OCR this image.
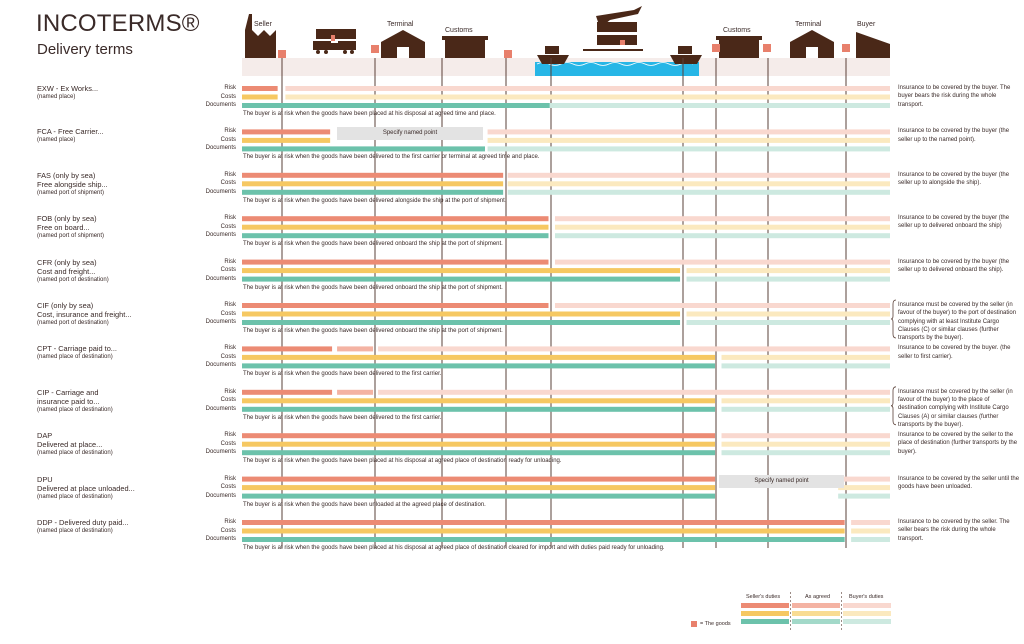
INCOTERMS®
Delivery terms
Seller	Terminal
Customs	Customs
Terminal	Buyer
EXW - Ex Works...
(named place)
Risk
Costs
Documents
The buyer is at risk when the goods have been placed at his disposal at agreed time and place.
Insurance to be covered by the buyer. The buyer bears the risk during the whole transport.
FCA - Free Carrier...
(named place)
Risk
Costs
Documents
Specify named point
The buyer is at risk when the goods have been delivered to the first carrier or terminal at agreed time and place.
Insurance to be covered by the buyer (the seller up to the named point).
FAS (only by sea)
Free alongside ship...
(named port of shipment)
Risk
Costs
Documents
The buyer is at risk when the goods have been delivered alongside the ship at the port of shipment.
Insurance to be covered by the buyer (the seller up to alongside the ship).
FOB (only by sea)
Free on board...
(named port of shipment)
Risk
Costs
Documents
The buyer is at risk when the goods have been delivered onboard the ship at the port of shipment.
Insurance to be covered by the buyer (the seller up to delivered onboard the ship)
CFR (only by sea)
Cost and freight...
(named port of destination)
Risk
Costs
Documents
The buyer is at risk when the goods have been delivered onboard the ship at the port of shipment.
Insurance to be covered by the buyer (the seller up to delivered onboard the ship).
CIF (only by sea)
Cost, insurance and freight...
(named port of destination)
Risk
Costs
Documents
The buyer is at risk when the goods have been delivered onboard the ship at the port of shipment.
Insurance must be covered by the seller (in favour of the buyer) to the port of destination complying with at least Institute Cargo Clauses (C) or similar clauses (further transports by the buyer).
CPT - Carriage paid to...
(named place of destination)
Risk
Costs
Documents
The buyer is at risk when the goods have been delivered to the first carrier.
Insurance to be covered by the buyer. (the seller to first carrier).
CIP - Carriage and
insurance paid to...
(named place of destination)
Risk
Costs
Documents
The buyer is at risk when the goods have been delivered to the first carrier.
Insurance must be covered by the seller (in favour of the buyer) to the place of destination complying with Institute Cargo Clauses (A) or similar clauses (further transports by the buyer).
DAP
Delivered at place...
(named place of destination)
Risk
Costs
Documents
The buyer is at risk when the goods have been placed at his disposal at agreed place of destination ready for unloading.
Insurance to be covered by the seller to the place of destination (further transports by the buyer).
DPU
Delivered at place unloaded...
(named place of destination)
Risk
Costs
Documents
Specify named point
The buyer is at risk when the goods have been unloaded at the agreed place of destination.
Insurance to be covered by the seller until the goods have been unloaded.
DDP - Delivered duty paid...
(named place of destination)
Risk
Costs
Documents
The buyer is at risk when the goods have been placed at his disposal at agreed place of destination cleared for import and with duties paid ready for unloading.
Insurance to be covered by the seller. The seller bears the risk during the whole transport.
Seller's duties	As agreed	Buyer's duties
= The goods
